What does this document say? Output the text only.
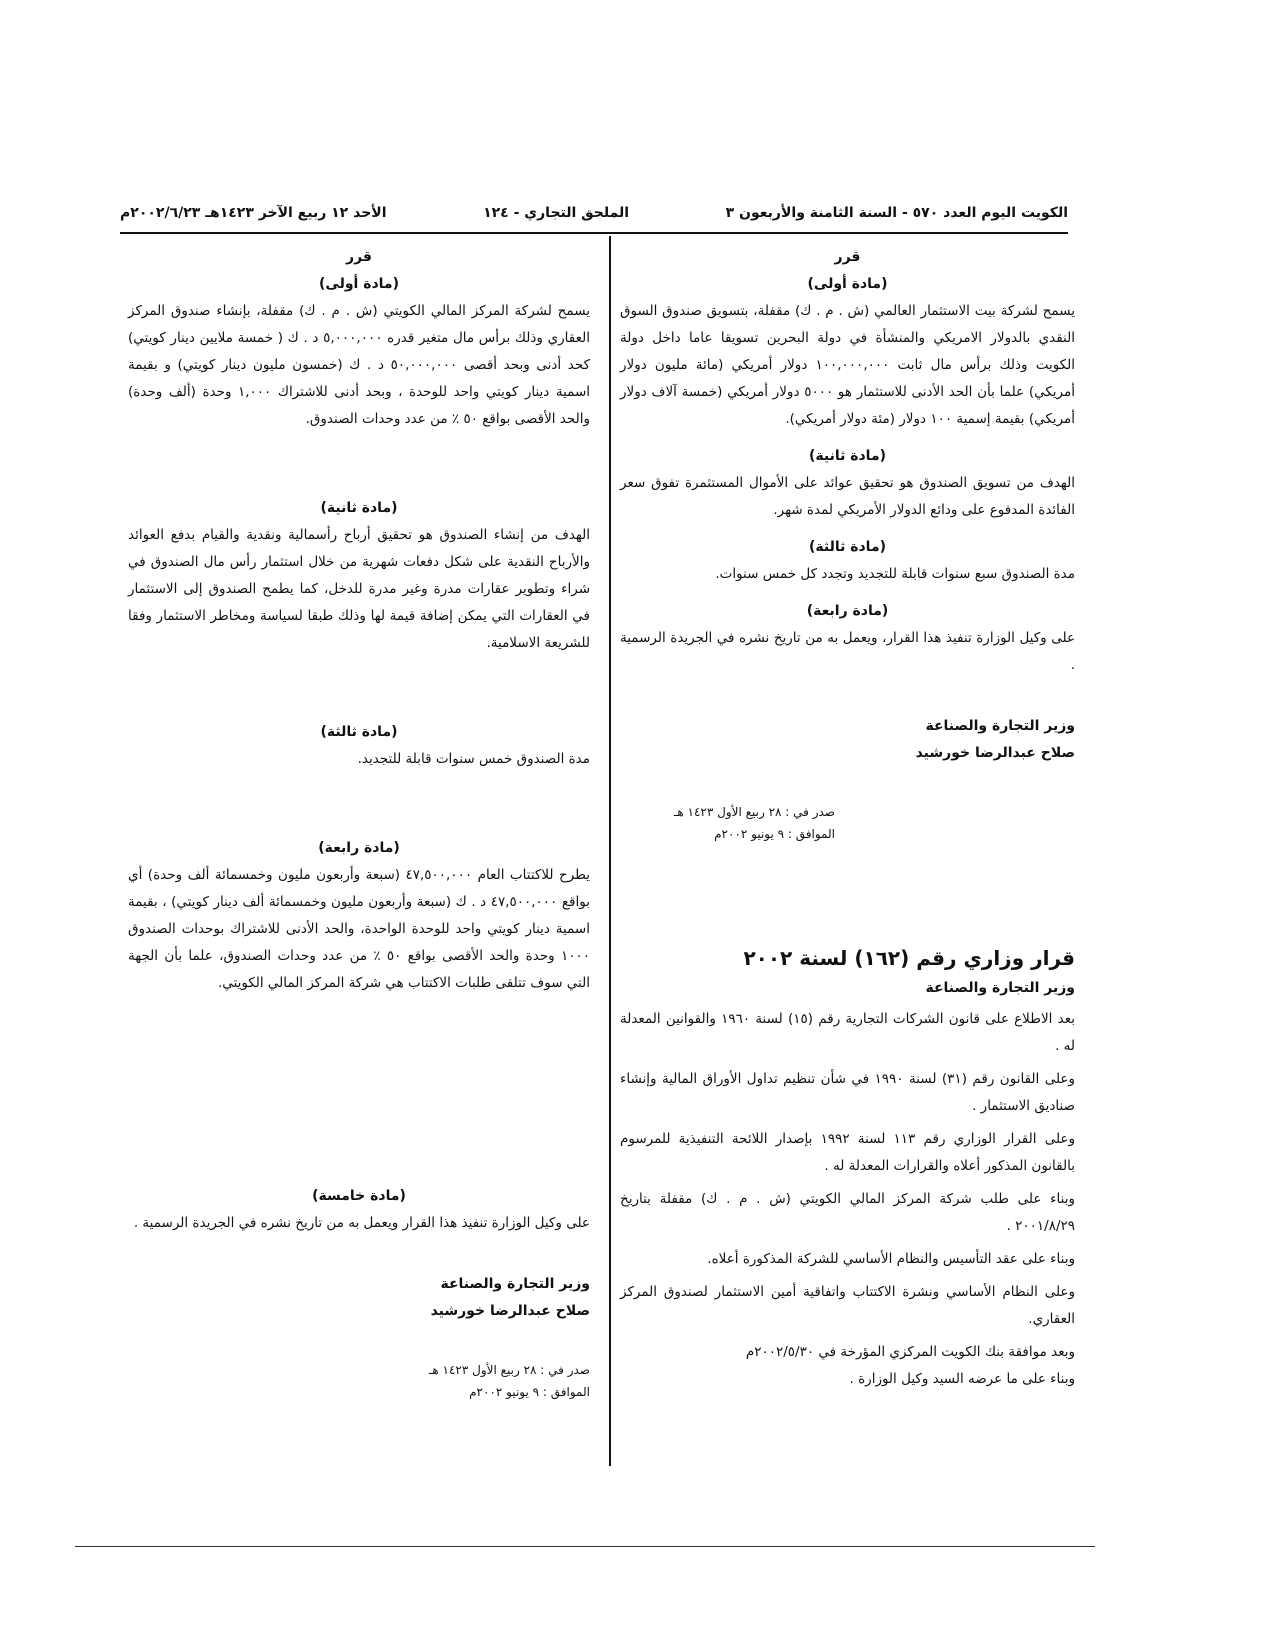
الكويت اليوم العدد ٥٧٠ - السنة الثامنة والأربعون ٣
الملحق التجاري - ١٢٤
الأحد ١٢ ربيع الآخر ١٤٢٣هـ ٢٠٠٢/٦/٢٣م

قرر

(مادة أولى)

يسمح لشركة بيت الاستثمار العالمي (ش . م . ك) مقفلة، بتسويق صندوق السوق النقدي بالدولار الامريكي والمنشأة في دولة البحرين تسويقا عاما داخل دولة الكويت وذلك برأس مال ثابت ١٠٠,٠٠٠,٠٠٠ دولار أمريكي (مائة مليون دولار أمريكي) علما بأن الحد الأدنى للاستثمار هو ٥٠٠٠ دولار أمريكي (خمسة آلاف دولار أمريكي) بقيمة إسمية ١٠٠ دولار (مئة دولار أمريكي).

(مادة ثانية)

الهدف من تسويق الصندوق هو تحقيق عوائد على الأموال المستثمرة تفوق سعر الفائدة المدفوع على ودائع الدولار الأمريكي لمدة شهر.

(مادة ثالثة)

مدة الصندوق سبع سنوات قابلة للتجديد وتجدد كل خمس سنوات.

(مادة رابعة)

على وكيل الوزارة تنفيذ هذا القرار، ويعمل به من تاريخ نشره في الجريدة الرسمية .

وزير التجارة والصناعة

صلاح عبدالرضا خورشيد

صدر في : ٢٨ ربيع الأول ١٤٢٣ هـ

الموافق : ٩ يونيو ٢٠٠٢م

قرار وزاري رقم (١٦٢) لسنة ٢٠٠٢

وزير التجارة والصناعة

بعد الاطلاع على قانون الشركات التجارية رقم (١٥) لسنة ١٩٦٠ والقوانين المعدلة له .

وعلى القانون رقم (٣١) لسنة ١٩٩٠ في شأن تنظيم تداول الأوراق المالية وإنشاء صناديق الاستثمار .

وعلى القرار الوزاري رقم ١١٣ لسنة ١٩٩٢ بإصدار اللائحة التنفيذية للمرسوم بالقانون المذكور أعلاه والقرارات المعدلة له .

وبناء على طلب شركة المركز المالي الكويتي (ش . م . ك) مقفلة بتاريخ ٢٠٠١/٨/٢٩ .

وبناء على عقد التأسيس والنظام الأساسي للشركة المذكورة أعلاه.

وعلى النظام الأساسي ونشرة الاكتتاب واتفاقية أمين الاستثمار لصندوق المركز العقاري.

وبعد موافقة بنك الكويت المركزي المؤرخة في ٢٠٠٢/٥/٣٠م

وبناء على ما عرضه السيد وكيل الوزارة .

قرر

(مادة أولى)

يسمح لشركة المركز المالي الكويتي (ش . م . ك) مقفلة، بإنشاء صندوق المركز العقاري وذلك برأس مال متغير قدره ٥,٠٠٠,٠٠٠ د . ك ( خمسة ملايين دينار كويتي) كحد أدنى وبحد أقصى ٥٠,٠٠٠,٠٠٠ د . ك (خمسون مليون دينار كويتي) و بقيمة اسمية دينار كويتي واحد للوحدة ، وبحد أدنى للاشتراك ١,٠٠٠ وحدة (ألف وحدة) والحد الأقصى بواقع ٥٠ ٪ من عدد وحدات الصندوق.

(مادة ثانية)

الهدف من إنشاء الصندوق هو تحقيق أرباح رأسمالية ونقدية والقيام بدفع العوائد والأرباح النقدية على شكل دفعات شهرية من خلال استثمار رأس مال الصندوق في شراء وتطوير عقارات مدرة وغير مدرة للدخل، كما يطمح الصندوق إلى الاستثمار في العقارات التي يمكن إضافة قيمة لها وذلك طبقا لسياسة ومخاطر الاستثمار وفقا للشريعة الاسلامية.

(مادة ثالثة)

مدة الصندوق خمس سنوات قابلة للتجديد.

(مادة رابعة)

يطرح للاكتتاب العام ٤٧,٥٠٠,٠٠٠ (سبعة وأربعون مليون وخمسمائة ألف وحدة) أي بواقع ٤٧,٥٠٠,٠٠٠ د . ك (سبعة وأربعون مليون وخمسمائة ألف دينار كويتي) ، بقيمة اسمية دينار كويتي واحد للوحدة الواحدة، والحد الأدنى للاشتراك بوحدات الصندوق ١٠٠٠ وحدة والحد الأقصى بواقع ٥٠ ٪ من عدد وحدات الصندوق، علما بأن الجهة التي سوف تتلقى طلبات الاكتتاب هي شركة المركز المالي الكويتي.

(مادة خامسة)

على وكيل الوزارة تنفيذ هذا القرار ويعمل به من تاريخ نشره في الجريدة الرسمية .

وزير التجارة والصناعة

صلاح عبدالرضا خورشيد

صدر في : ٢٨ ربيع الأول ١٤٢٣ هـ

الموافق : ٩ يونيو ٢٠٠٢م
